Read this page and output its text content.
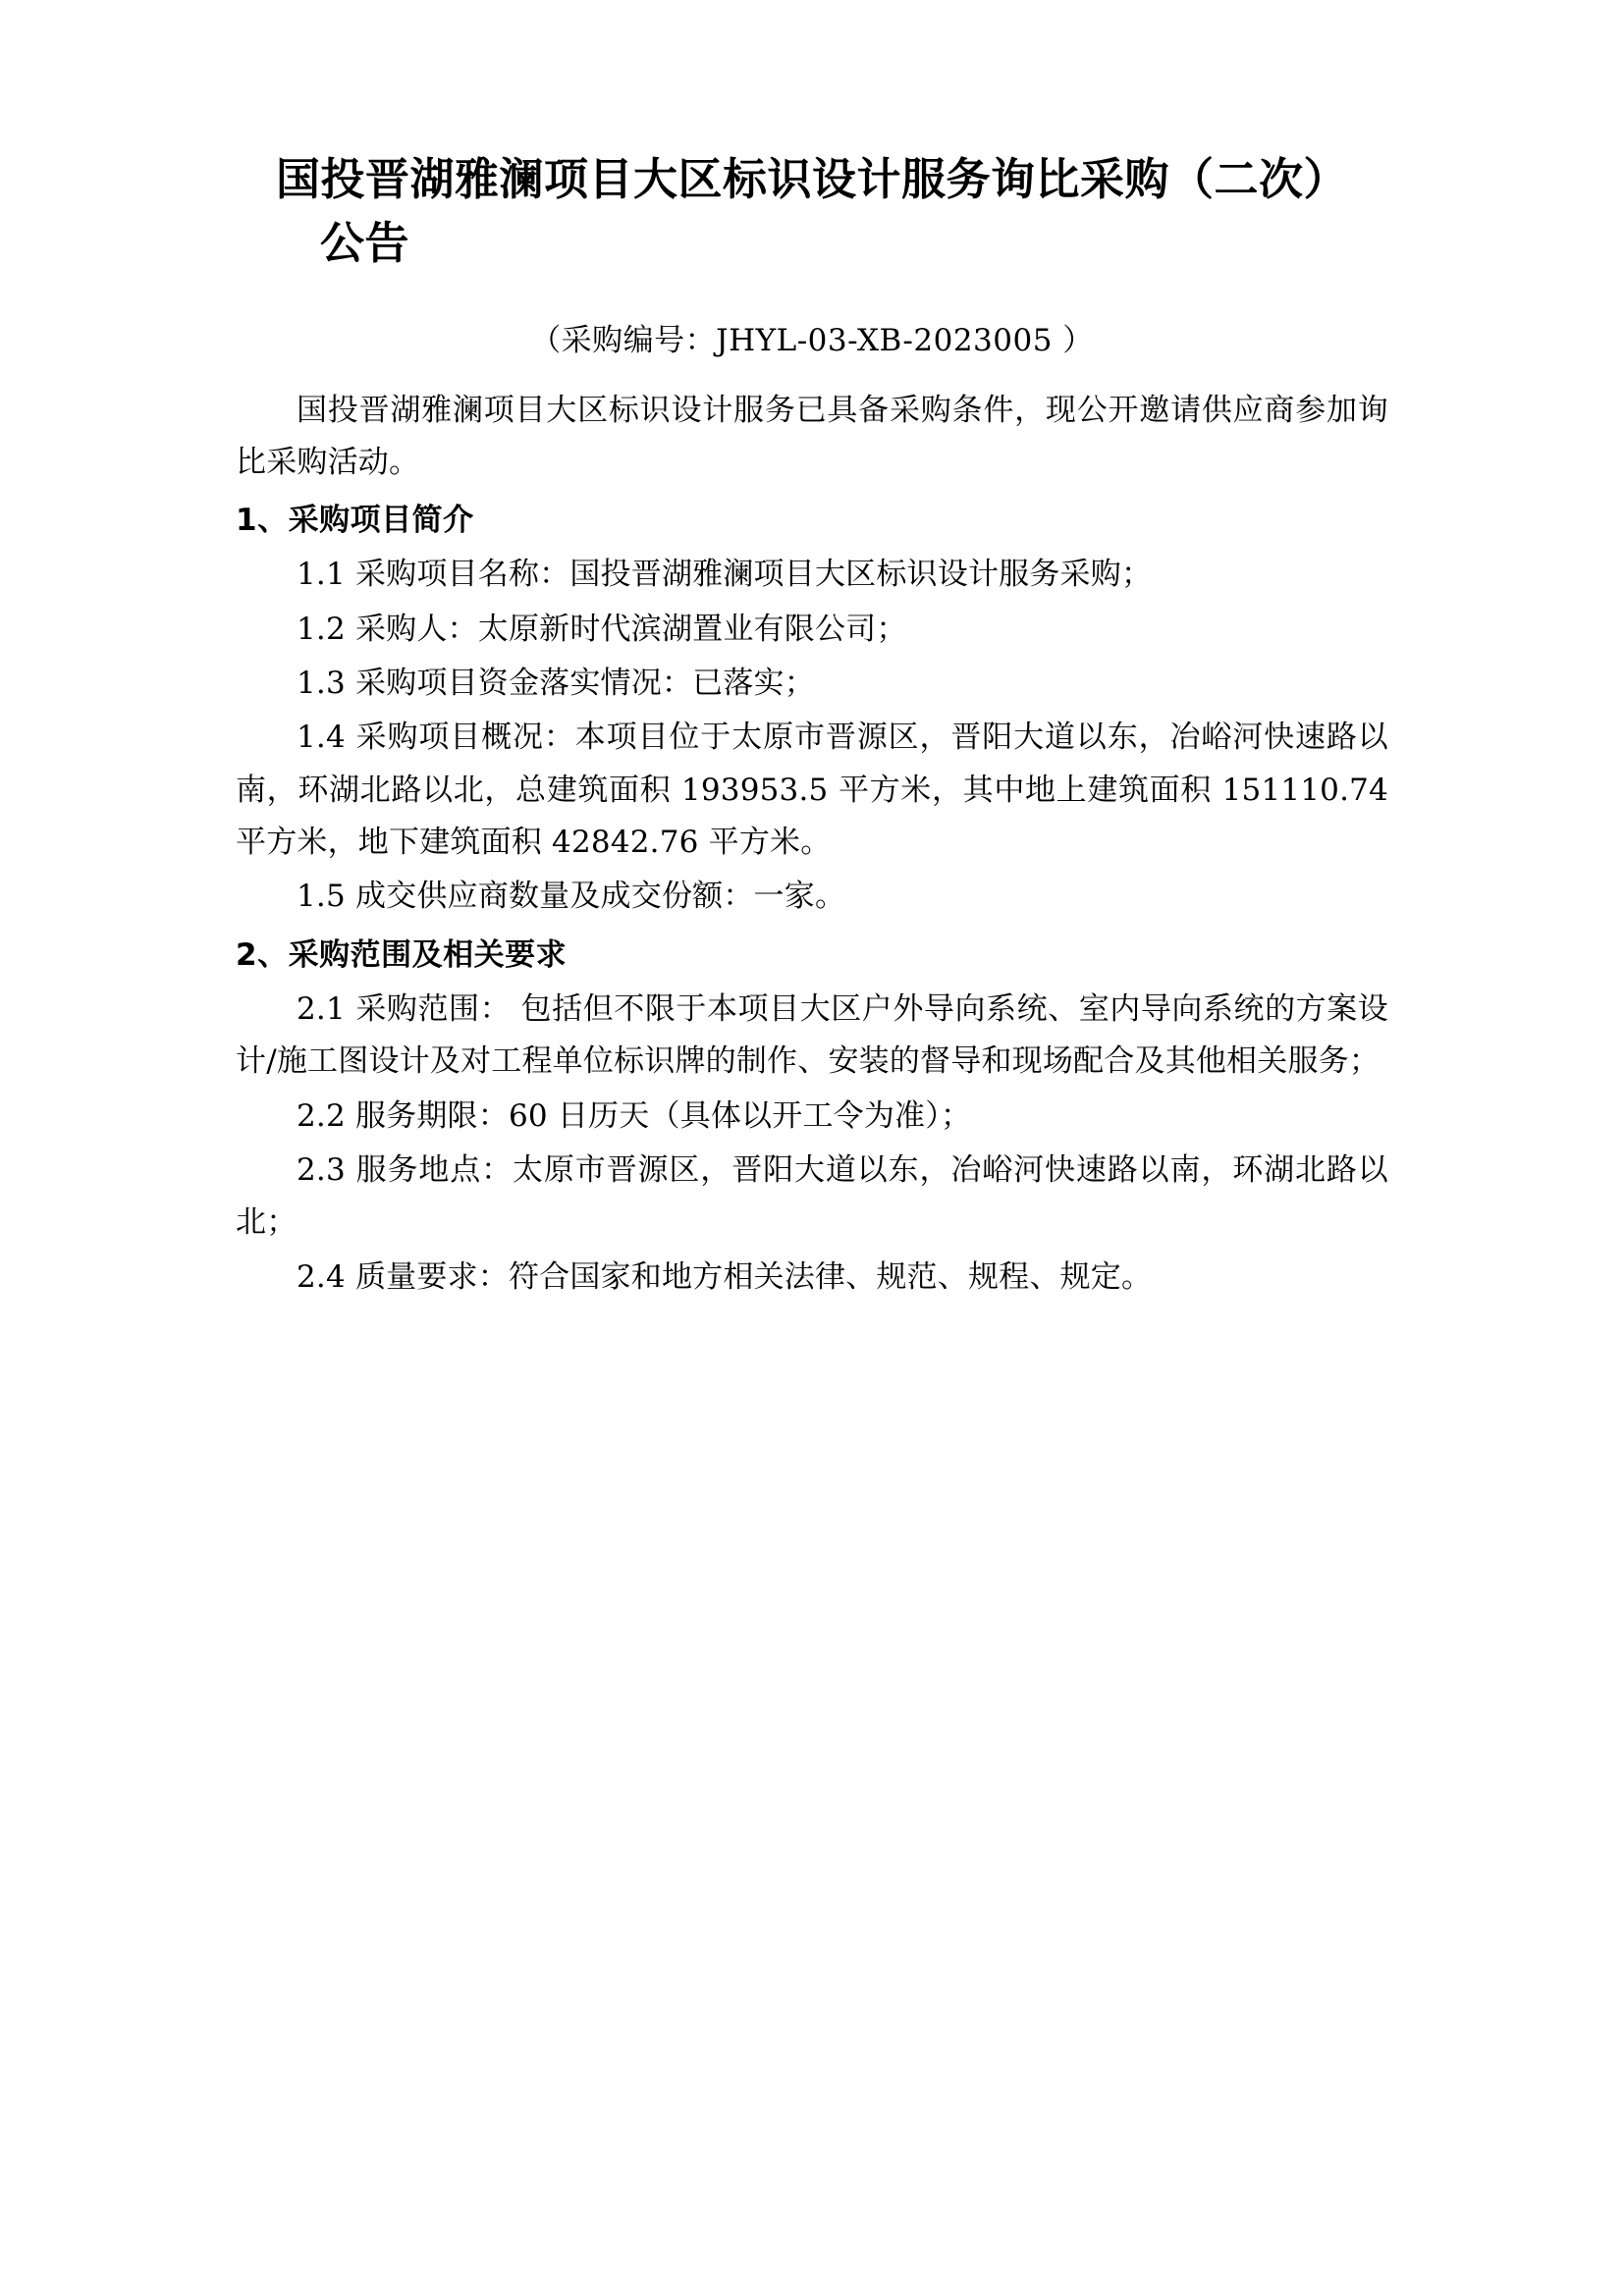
国投晋湖雅澜项目大区标识设计服务询比采购（二次）
公告
（采购编号：JHYL-03-XB-2023005 ）

国投晋湖雅澜项目大区标识设计服务已具备采购条件，现公开邀请供应商参加询比采购活动。

1、采购项目简介

1.1 采购项目名称：国投晋湖雅澜项目大区标识设计服务采购；

1.2 采购人：太原新时代滨湖置业有限公司；

1.3 采购项目资金落实情况：已落实；

1.4 采购项目概况：本项目位于太原市晋源区，晋阳大道以东，冶峪河快速路以南，环湖北路以北，总建筑面积 193953.5 平方米，其中地上建筑面积 151110.74 平方米，地下建筑面积 42842.76 平方米。

1.5 成交供应商数量及成交份额：一家。

2、采购范围及相关要求

2.1 采购范围： 包括但不限于本项目大区户外导向系统、室内导向系统的方案设计/施工图设计及对工程单位标识牌的制作、安装的督导和现场配合及其他相关服务；

2.2 服务期限：60 日历天（具体以开工令为准）；

2.3 服务地点：太原市晋源区，晋阳大道以东，冶峪河快速路以南，环湖北路以北；

2.4 质量要求：符合国家和地方相关法律、规范、规程、规定。
